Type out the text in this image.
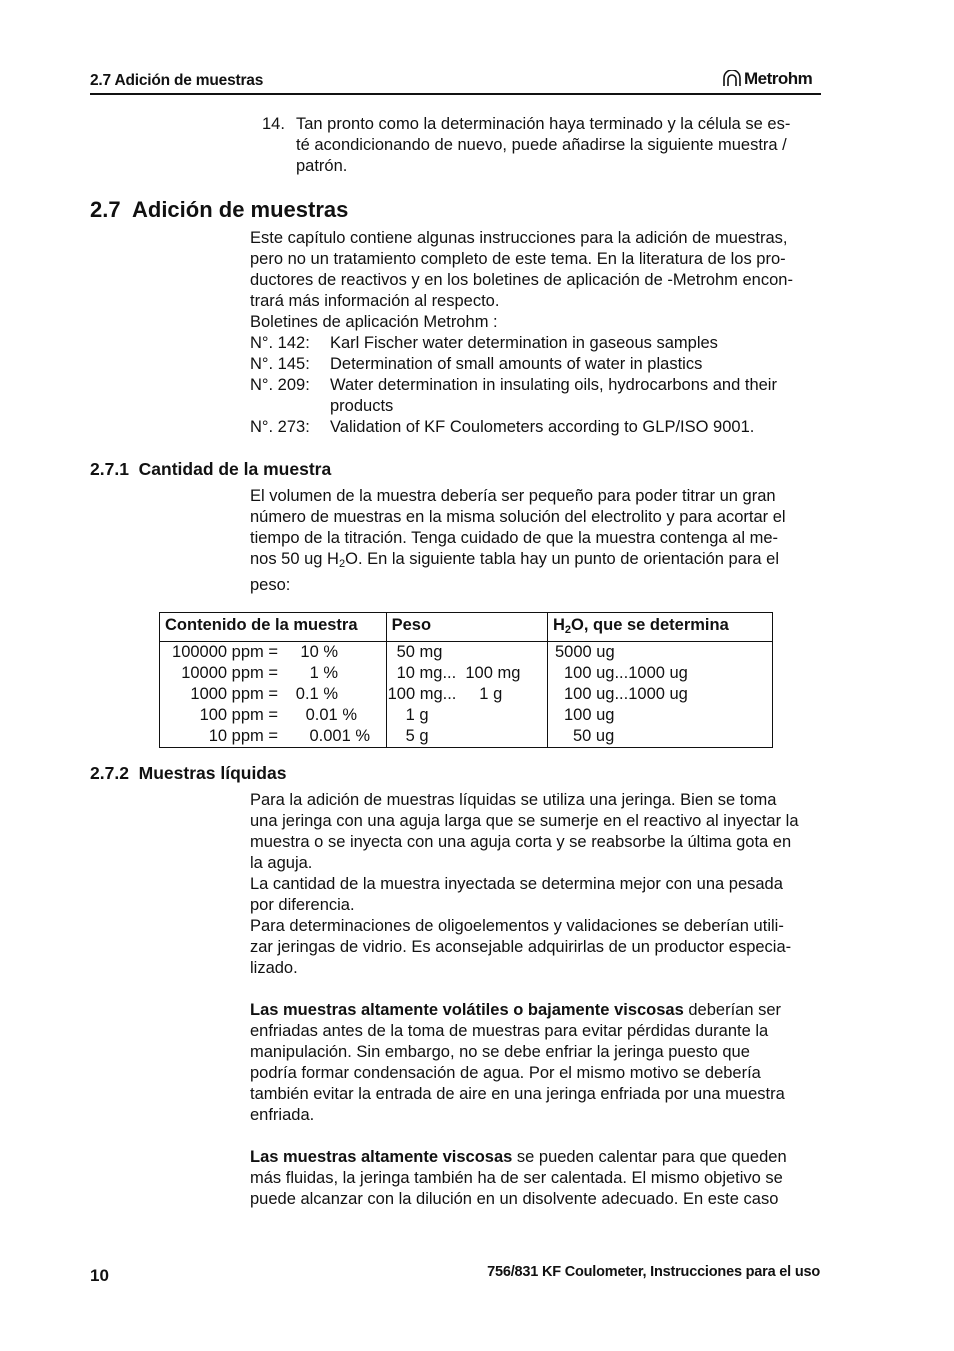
2.7 Adición de muestras	Metrohm
14. Tan pronto como la determinación haya terminado y la célula se es-
té acondicionando de nuevo, puede añadirse la siguiente muestra /
patrón.
2.7  Adición de muestras
Este capítulo contiene algunas instrucciones para la adición de muestras,
pero no un tratamiento completo de este tema. En la literatura de los pro-
ductores de reactivos y en los boletines de aplicación de -Metrohm encon-
trará más información al respecto.
Boletines de aplicación Metrohm :
N°. 142:	Karl Fischer water determination in gaseous samples
N°. 145:	Determination of small amounts of water in plastics
N°. 209:	Water determination in insulating oils, hydrocarbons and their
products
N°. 273:	Validation of KF Coulometers according to GLP/ISO 9001.
2.7.1  Cantidad de la muestra
El volumen de la muestra debería ser pequeño para poder titrar un gran
número de muestras en la misma solución del electrolito y para acortar el
tiempo de la titración. Tenga cuidado de que la muestra contenga al me-
nos 50 ug $H_2O$. En la siguiente tabla hay un punto de orientación para el
peso:
Contenido de la muestra	Peso	$H_2O$, que se determina
100000 ppm = 10 %	50 mg	5000 ug
10000 ppm = 1 %	10 mg...  100 mg	100 ug...1000 ug
1000 ppm = 0.1 %	100 mg...     1 g	100 ug...1000 ug
100 ppm = 0.01 %	1 g	100 ug
10 ppm = 0.001 %	5 g	50 ug
2.7.2  Muestras líquidas
Para la adición de muestras líquidas se utiliza una jeringa. Bien se toma
una jeringa con una aguja larga que se sumerje en el reactivo al inyectar la
muestra o se inyecta con una aguja corta y se reabsorbe la última gota en
la aguja.
La cantidad de la muestra inyectada se determina mejor con una pesada
por diferencia.
Para determinaciones de oligoelementos y validaciones se deberían utili-
zar jeringas de vidrio. Es aconsejable adquirirlas de un productor especia-
lizado.
Las muestras altamente volátiles o bajamente viscosas deberían ser
enfriadas antes de la toma de muestras para evitar pérdidas durante la
manipulación. Sin embargo, no se debe enfriar la jeringa puesto que
podría formar condensación de agua. Por el mismo motivo se debería
también evitar la entrada de aire en una jeringa enfriada por una muestra
enfriada.
Las muestras altamente viscosas se pueden calentar para que queden
más fluidas, la jeringa también ha de ser calentada. El mismo objetivo se
puede alcanzar con la dilución en un disolvente adecuado. En este caso
10	756/831 KF Coulometer, Instrucciones para el uso
